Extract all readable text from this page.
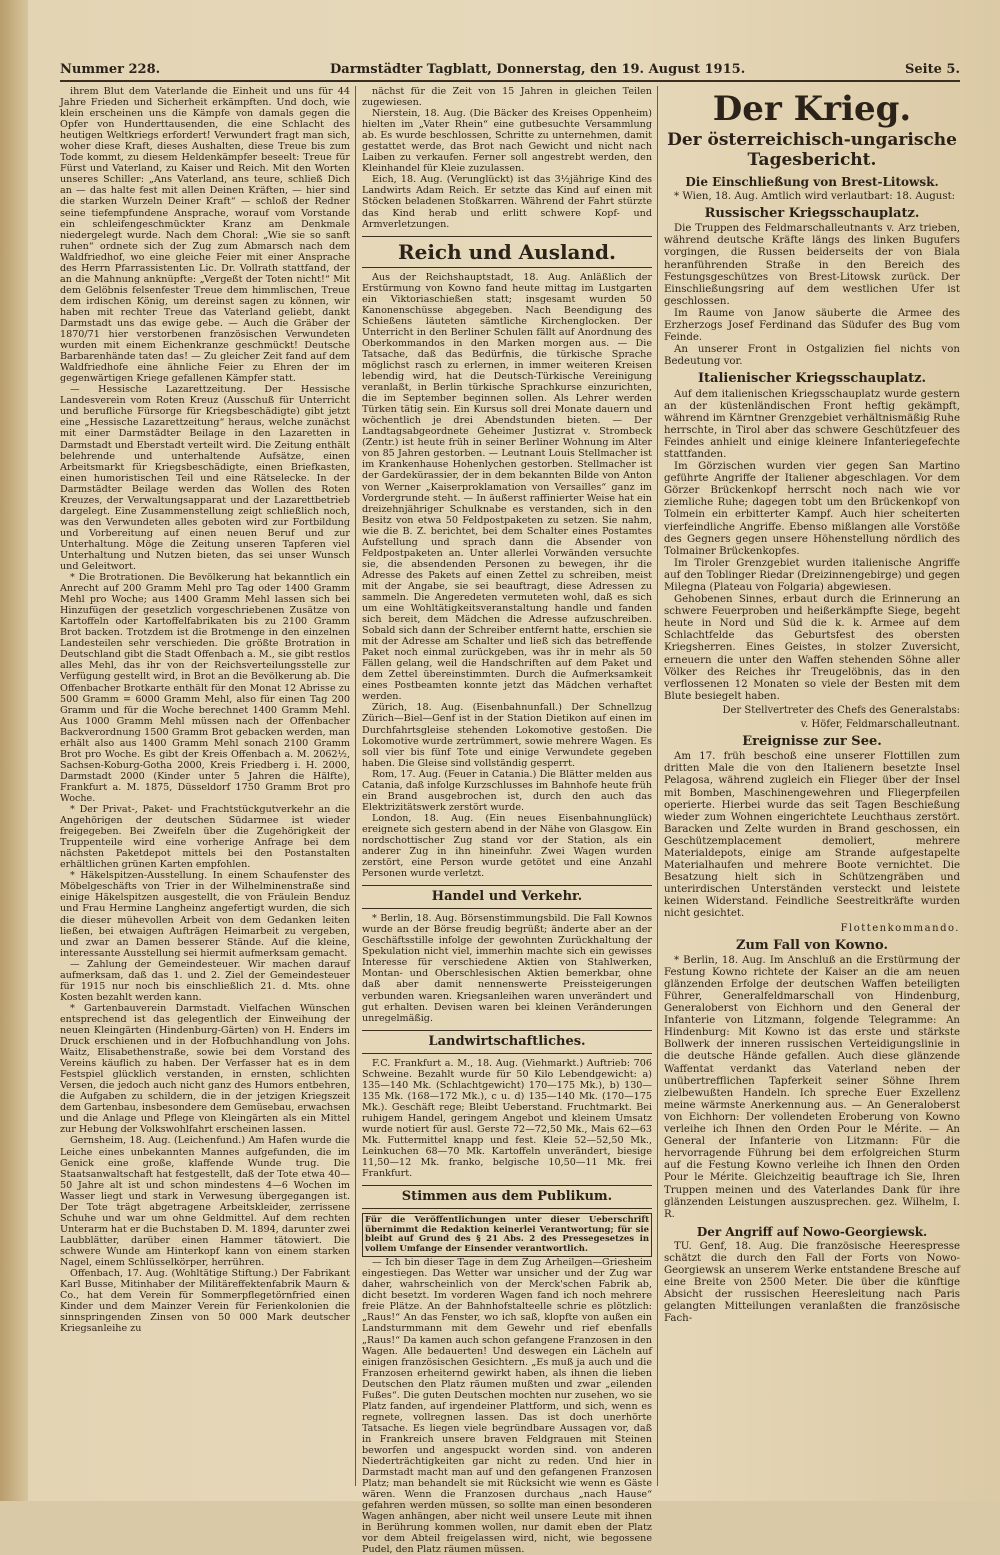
Nummer 228.	Darmstädter Tagblatt, Donnerstag, den 19. August 1915.	Seite 5.

ihrem Blut dem Vaterlande die Einheit und uns für 44 Jahre Frieden und Sicherheit erkämpften. Und doch, wie klein erscheinen uns die Kämpfe von damals gegen die Opfer von Hunderttausenden, die eine Schlacht des heutigen Weltkriegs erfordert! Verwundert fragt man sich, woher diese Kraft, dieses Aushalten, diese Treue bis zum Tode kommt, zu diesem Heldenkämpfer beseelt: Treue für Fürst und Vaterland, zu Kaiser und Reich. Mit den Worten unseres Schiller: „Ans Vaterland, ans teure, schließ Dich an — das halte fest mit allen Deinen Kräften, — hier sind die starken Wurzeln Deiner Kraft“ — schloß der Redner seine tiefempfundene Ansprache, worauf vom Vorstande ein schleifengeschmückter Kranz am Denkmale niedergelegt wurde. Nach dem Choral: „Wie sie so sanft ruhen“ ordnete sich der Zug zum Abmarsch nach dem Waldfriedhof, wo eine gleiche Feier mit einer Ansprache des Herrn Pfarrassistenten Lic. Dr. Vollrath stattfand, der an die Mahnung anknüpfte: „Vergeßt der Toten nicht!“ Mit dem Gelöbnis felsenfester Treue dem himmlischen, Treue dem irdischen König, um dereinst sagen zu können, wir haben mit rechter Treue das Vaterland geliebt, dankt Darmstadt uns das ewige gebe. — Auch die Gräber der 1870/71 hier verstorbenen französischen Verwundeten wurden mit einem Eichenkranze geschmückt! Deutsche Barbarenhände taten das! — Zu gleicher Zeit fand auf dem Waldfriedhofe eine ähnliche Feier zu Ehren der im gegenwärtigen Kriege gefallenen Kämpfer statt.

— Hessische Lazarettzeitung. Der Hessische Landesverein vom Roten Kreuz (Ausschuß für Unterricht und berufliche Fürsorge für Kriegsbeschädigte) gibt jetzt eine „Hessische Lazarettzeitung“ heraus, welche zunächst mit einer Darmstädter Beilage in den Lazaretten in Darmstadt und Eberstadt verteilt wird. Die Zeitung enthält belehrende und unterhaltende Aufsätze, einen Arbeitsmarkt für Kriegsbeschädigte, einen Briefkasten, einen humoristischen Teil und eine Rätselecke. In der Darmstädter Beilage werden das Wollen des Roten Kreuzes, der Verwaltungsapparat und der Lazarettbetrieb dargelegt. Eine Zusammenstellung zeigt schließlich noch, was den Verwundeten alles geboten wird zur Fortbildung und Vorbereitung auf einen neuen Beruf und zur Unterhaltung. Möge die Zeitung unseren Tapferen viel Unterhaltung und Nutzen bieten, das sei unser Wunsch und Geleitwort.

* Die Brotrationen. Die Bevölkerung hat bekanntlich ein Anrecht auf 200 Gramm Mehl pro Tag oder 1400 Gramm Mehl pro Woche; aus 1400 Gramm Mehl lassen sich bei Hinzufügen der gesetzlich vorgeschriebenen Zusätze von Kartoffeln oder Kartoffelfabrikaten bis zu 2100 Gramm Brot backen. Trotzdem ist die Brotmenge in den einzelnen Landesteilen sehr verschieden. Die größte Brotration in Deutschland gibt die Stadt Offenbach a. M., sie gibt restlos alles Mehl, das ihr von der Reichsverteilungsstelle zur Verfügung gestellt wird, in Brot an die Bevölkerung ab. Die Offenbacher Brotkarte enthält für den Monat 12 Abrisse zu 500 Gramm = 6000 Gramm Mehl, also für einen Tag 200 Gramm und für die Woche berechnet 1400 Gramm Mehl. Aus 1000 Gramm Mehl müssen nach der Offenbacher Backverordnung 1500 Gramm Brot gebacken werden, man erhält also aus 1400 Gramm Mehl sonach 2100 Gramm Brot pro Woche. Es gibt der Kreis Offenbach a. M. 2062½, Sachsen-Koburg-Gotha 2000, Kreis Friedberg i. H. 2000, Darmstadt 2000 (Kinder unter 5 Jahren die Hälfte), Frankfurt a. M. 1875, Düsseldorf 1750 Gramm Brot pro Woche.

* Der Privat-, Paket- und Frachtstückgutverkehr an die Angehörigen der deutschen Südarmee ist wieder freigegeben. Bei Zweifeln über die Zugehörigkeit der Truppenteile wird eine vorherige Anfrage bei dem nächsten Paketdepot mittels bei den Postanstalten erhältlichen grünen Karten empfohlen.

* Häkelspitzen-Ausstellung. In einem Schaufenster des Möbelgeschäfts von Trier in der Wilhelminenstraße sind einige Häkelspitzen ausgestellt, die von Fräulein Benduz und Frau Hermine Langheinz angefertigt wurden, die sich die dieser mühevollen Arbeit von dem Gedanken leiten ließen, bei etwaigen Aufträgen Heimarbeit zu vergeben, und zwar an Damen besserer Stände. Auf die kleine, interessante Ausstellung sei hiermit aufmerksam gemacht.

— Zahlung der Gemeindesteuer. Wir machen darauf aufmerksam, daß das 1. und 2. Ziel der Gemeindesteuer für 1915 nur noch bis einschließlich 21. d. Mts. ohne Kosten bezahlt werden kann.

* Gartenbauverein Darmstadt. Vielfachen Wünschen entsprechend ist das gelegentlich der Einweihung der neuen Kleingärten (Hindenburg-Gärten) von H. Enders im Druck erschienen und in der Hofbuchhandlung von Johs. Waitz, Elisabethenstraße, sowie bei dem Vorstand des Vereins käuflich zu haben. Der Verfasser hat es in dem Festspiel glücklich verstanden, in ernsten, schlichten Versen, die jedoch auch nicht ganz des Humors entbehren, die Aufgaben zu schildern, die in der jetzigen Kriegszeit dem Gartenbau, insbesondere dem Gemüsebau, erwachsen und die Anlage und Pflege von Kleingärten als ein Mittel zur Hebung der Volkswohlfahrt erscheinen lassen.

Gernsheim, 18. Aug. (Leichenfund.) Am Hafen wurde die Leiche eines unbekannten Mannes aufgefunden, die im Genick eine große, klaffende Wunde trug. Die Staatsanwaltschaft hat festgestellt, daß der Tote etwa 40—50 Jahre alt ist und schon mindestens 4—6 Wochen im Wasser liegt und stark in Verwesung übergegangen ist. Der Tote trägt abgetragene Arbeitskleider, zerrissene Schuhe und war um ohne Geldmittel. Auf dem rechten Unterarm hat er die Buchstaben D. M. 1894, darunter zwei Laubblätter, darüber einen Hammer tätowiert. Die schwere Wunde am Hinterkopf kann von einem starken Nagel, einem Schlüsselkörper, herrühren.

Offenbach, 17. Aug. (Wohltätige Stiftung.) Der Fabrikant Karl Busse, Mitinhaber der Militäreffektenfabrik Maurn & Co., hat dem Verein für Sommerpflegetörnfried einen Kinder und dem Mainzer Verein für Ferienkolonien die sinnspringenden Zinsen von 50 000 Mark deutscher Kriegsanleihe zu

nächst für die Zeit von 15 Jahren in gleichen Teilen zugewiesen.

Nierstein, 18. Aug. (Die Bäcker des Kreises Oppenheim) hielten im „Vater Rhein“ eine gutbesuchte Versammlung ab. Es wurde beschlossen, Schritte zu unternehmen, damit gestattet werde, das Brot nach Gewicht und nicht nach Laiben zu verkaufen. Ferner soll angestrebt werden, den Kleinhandel für Kleie zuzulassen.

Eich, 18. Aug. (Verunglückt) ist das 3½jährige Kind des Landwirts Adam Reich. Er setzte das Kind auf einen mit Stöcken beladenen Stoßkarren. Während der Fahrt stürzte das Kind herab und erlitt schwere Kopf- und Armverletzungen.

Reich und Ausland.

Aus der Reichshauptstadt, 18. Aug. Anläßlich der Erstürmung von Kowno fand heute mittag im Lustgarten ein Viktoriaschießen statt; insgesamt wurden 50 Kanonenschüsse abgegeben. Nach Beendigung des Schießens läuteten sämtliche Kirchenglocken. Der Unterricht in den Berliner Schulen fällt auf Anordnung des Oberkommandos in den Marken morgen aus. — Die Tatsache, daß das Bedürfnis, die türkische Sprache möglichst rasch zu erlernen, in immer weiteren Kreisen lebendig wird, hat die Deutsch-Türkische Vereinigung veranlaßt, in Berlin türkische Sprachkurse einzurichten, die im September beginnen sollen. Als Lehrer werden Türken tätig sein. Ein Kursus soll drei Monate dauern und wöchentlich je drei Abendstunden bieten. — Der Landtagsabgeordnete Geheimer Justizrat v. Strombeck (Zentr.) ist heute früh in seiner Berliner Wohnung im Alter von 85 Jahren gestorben. — Leutnant Louis Stellmacher ist im Krankenhause Hohenlychen gestorben. Stellmacher ist der Gardekürassier, der in dem bekannten Bilde von Anton von Werner „Kaiserproklamation von Versailles“ ganz im Vordergrunde steht. — In äußerst raffinierter Weise hat ein dreizehnjähriger Schulknabe es verstanden, sich in den Besitz von etwa 50 Feldpostpaketen zu setzen. Sie nahm, wie die B. Z. berichtet, bei dem Schalter eines Postamtes Aufstellung und sprach dann die Absender von Feldpostpaketen an. Unter allerlei Vorwänden versuchte sie, die absendenden Personen zu bewegen, ihr die Adresse des Pakets auf einen Zettel zu schreiben, meist mit der Angabe, sie sei beauftragt, diese Adressen zu sammeln. Die Angeredeten vermuteten wohl, daß es sich um eine Wohltätigkeitsveranstaltung handle und fanden sich bereit, dem Mädchen die Adresse aufzuschreiben. Sobald sich dann der Schreiber entfernt hatte, erschien sie mit der Adresse am Schalter und ließ sich das betreffende Paket noch einmal zurückgeben, was ihr in mehr als 50 Fällen gelang, weil die Handschriften auf dem Paket und dem Zettel übereinstimmten. Durch die Aufmerksamkeit eines Postbeamten konnte jetzt das Mädchen verhaftet werden.

Zürich, 18. Aug. (Eisenbahnunfall.) Der Schnellzug Zürich—Biel—Genf ist in der Station Dietikon auf einen im Durchfahrtsgleise stehenden Lokomotive gestoßen. Die Lokomotive wurde zertrümmert, sowie mehrere Wagen. Es soll vier bis fünf Tote und einige Verwundete gegeben haben. Die Gleise sind vollständig gesperrt.

Rom, 17. Aug. (Feuer in Catania.) Die Blätter melden aus Catania, daß infolge Kurzschlusses im Bahnhofe heute früh ein Brand ausgebrochen ist, durch den auch das Elektrizitätswerk zerstört wurde.

London, 18. Aug. (Ein neues Eisenbahnunglück) ereignete sich gestern abend in der Nähe von Glasgow. Ein nordschottischer Zug stand vor der Station, als ein anderer Zug in ihn hineinfuhr. Zwei Wagen wurden zerstört, eine Person wurde getötet und eine Anzahl Personen wurde verletzt.

Handel und Verkehr.

* Berlin, 18. Aug. Börsenstimmungsbild. Die Fall Kownos wurde an der Börse freudig begrüßt; änderte aber an der Geschäftsstille infolge der gewohnten Zurückhaltung der Spekulation nicht viel, immerhin machte sich ein gewisses Interesse für verschiedene Aktien von Stahlwerken, Montan- und Oberschlesischen Aktien bemerkbar, ohne daß aber damit nennenswerte Preissteigerungen verbunden waren. Kriegsanleihen waren unverändert und gut erhalten. Devisen waren bei kleinen Veränderungen unregelmäßig.

Landwirtschaftliches.

F.C. Frankfurt a. M., 18. Aug. (Viehmarkt.) Auftrieb: 706 Schweine. Bezahlt wurde für 50 Kilo Lebendgewicht: a) 135—140 Mk. (Schlachtgewicht) 170—175 Mk.), b) 130—135 Mk. (168—172 Mk.), c u. d) 135—140 Mk. (170—175 Mk.). Geschäft rege; Bleibt Ueberstand. Fruchtmarkt. Bei ruhigem Handel, geringem Angebot und kleinem Umsatz wurde notiert für ausl. Gerste 72—72,50 Mk., Mais 62—63 Mk. Futtermittel knapp und fest. Kleie 52—52,50 Mk., Leinkuchen 68—70 Mk. Kartoffeln unverändert, biesige 11,50—12 Mk. franko, belgische 10,50—11 Mk. frei Frankfurt.

Stimmen aus dem Publikum.

Für die Veröffentlichungen unter dieser Ueberschrift übernimmt die Redaktion keinerlei Verantwortung; für sie bleibt auf Grund des § 21 Abs. 2 des Pressegesetzes in vollem Umfange der Einsender verantwortlich.

— Ich bin dieser Tage in dem Zug Arheilgen—Griesheim eingestiegen. Das Wetter war unsicher und der Zug war daher, wahrscheinlich von der Merck'schen Fabrik ab, dicht besetzt. Im vorderen Wagen fand ich noch mehrere freie Plätze. An der Bahnhofstalteelle schrie es plötzlich: „Raus!“ An das Fenster, wo ich saß, klopfte von außen ein Landsturmmann mit dem Gewehr und rief ebenfalls „Raus!“ Da kamen auch schon gefangene Franzosen in den Wagen. Alle bedauerten! Und deswegen ein Lächeln auf einigen französischen Gesichtern. „Es muß ja auch und die Franzosen erheiternd gewirkt haben, als ihnen die lieben Deutschen den Platz räumen mußten und zwar „eilenden Fußes“. Die guten Deutschen mochten nur zusehen, wo sie Platz fanden, auf irgendeiner Plattform, und sich, wenn es regnete, vollregnen lassen. Das ist doch unerhörte Tatsache. Es liegen viele begründbare Aussagen vor, daß in Frankreich unsere braven Feldgrauen mit Steinen beworfen und angespuckt worden sind. von anderen Niederträchtigkeiten gar nicht zu reden. Und hier in Darmstadt macht man auf und den gefangenen Franzosen Platz; man behandelt sie mit Rücksicht wie wenn es Gäste wären. Wenn die Franzosen durchaus „nach Hause“ gefahren werden müssen, so sollte man einen besonderen Wagen anhängen, aber nicht weil unsere Leute mit ihnen in Berührung kommen wollen, nur damit eben der Platz vor dem Abteil freigelassen wird, nicht, wie begossene Pudel, den Platz räumen müssen.

Der Krieg.
Der österreichisch-ungarische Tagesbericht.
Die Einschließung von Brest-Litowsk.

* Wien, 18. Aug. Amtlich wird verlautbart: 18. August:

Russischer Kriegsschauplatz.

Die Truppen des Feldmarschalleutnants v. Arz trieben, während deutsche Kräfte längs des linken Bugufers vorgingen, die Russen beiderseits der von Biala heranführenden Straße in den Bereich des Festungsgeschützes von Brest-Litowsk zurück. Der Einschließungsring auf dem westlichen Ufer ist geschlossen.

Im Raume von Janow säuberte die Armee des Erzherzogs Josef Ferdinand das Südufer des Bug vom Feinde.

An unserer Front in Ostgalizien fiel nichts von Bedeutung vor.

Italienischer Kriegsschauplatz.

Auf dem italienischen Kriegsschauplatz wurde gestern an der küstenländischen Front heftig gekämpft, während im Kärntner Grenzgebiet verhältnismäßig Ruhe herrschte, in Tirol aber das schwere Geschützfeuer des Feindes anhielt und einige kleinere Infanteriegefechte stattfanden.

Im Görzischen wurden vier gegen San Martino geführte Angriffe der Italiener abgeschlagen. Vor dem Görzer Brückenkopf herrscht noch nach wie vor ziemliche Ruhe; dagegen tobt um den Brückenkopf von Tolmein ein erbitterter Kampf. Auch hier scheiterten vierfeindliche Angriffe. Ebenso mißlangen alle Vorstöße des Gegners gegen unsere Höhenstellung nördlich des Tolmainer Brückenkopfes.

Im Tiroler Grenzgebiet wurden italienische Angriffe auf den Toblinger Riedar (Dreizinnengebirge) und gegen Milegna (Plateau von Folgaria) abgewiesen.

Gehobenen Sinnes, erbaut durch die Erinnerung an schwere Feuerproben und heißerkämpfte Siege, begeht heute in Nord und Süd die k. k. Armee auf dem Schlachtfelde das Geburtsfest des obersten Kriegsherren. Eines Geistes, in stolzer Zuversicht, erneuern die unter den Waffen stehenden Söhne aller Völker des Reiches ihr Treugelöbnis, das in den verflossenen 12 Monaten so viele der Besten mit dem Blute besiegelt haben.

Der Stellvertreter des Chefs des Generalstabs:
v. Höfer, Feldmarschalleutnant.
Ereignisse zur See.

Am 17. früh beschoß eine unserer Flottillen zum dritten Male die von den Italienern besetzte Insel Pelagosa, während zugleich ein Flieger über der Insel mit Bomben, Maschinengewehren und Fliegerpfeilen operierte. Hierbei wurde das seit Tagen Beschießung wieder zum Wohnen eingerichtete Leuchthaus zerstört. Baracken und Zelte wurden in Brand geschossen, ein Geschützemplacement demoliert, mehrere Materialdepots, einige am Strande aufgestapelte Materialhaufen und mehrere Boote vernichtet. Die Besatzung hielt sich in Schützengräben und unterirdischen Unterständen versteckt und leistete keinen Widerstand. Feindliche Seestreitkräfte wurden nicht gesichtet.

Flottenkommando.
Zum Fall von Kowno.

* Berlin, 18. Aug. Im Anschluß an die Erstürmung der Festung Kowno richtete der Kaiser an die am neuen glänzenden Erfolge der deutschen Waffen beteiligten Führer, Generalfeldmarschall von Hindenburg, Generaloberst von Eichhorn und den General der Infanterie von Litzmann, folgende Telegramme: An Hindenburg: Mit Kowno ist das erste und stärkste Bollwerk der inneren russischen Verteidigungslinie in die deutsche Hände gefallen. Auch diese glänzende Waffentat verdankt das Vaterland neben der unübertrefflichen Tapferkeit seiner Söhne Ihrem zielbewußten Handeln. Ich spreche Euer Exzellenz meine wärmste Anerkennung aus. — An Generaloberst von Eichhorn: Der vollendeten Eroberung von Kowno verleihe ich Ihnen den Orden Pour le Mérite. — An General der Infanterie von Litzmann: Für die hervorragende Führung bei dem erfolgreichen Sturm auf die Festung Kowno verleihe ich Ihnen den Orden Pour le Mérite. Gleichzeitig beauftrage ich Sie, Ihren Truppen meinen und des Vaterlandes Dank für ihre glänzenden Leistungen auszusprechen. gez. Wilhelm, I. R.

Der Angriff auf Nowo-Georgiewsk.

TU. Genf, 18. Aug. Die französische Heerespresse schätzt die durch den Fall der Forts von Nowo-Georgiewsk an unserem Werke entstandene Bresche auf eine Breite von 2500 Meter. Die über die künftige Absicht der russischen Heeresleitung nach Paris gelangten Mitteilungen veranlaßten die französische Fach-
